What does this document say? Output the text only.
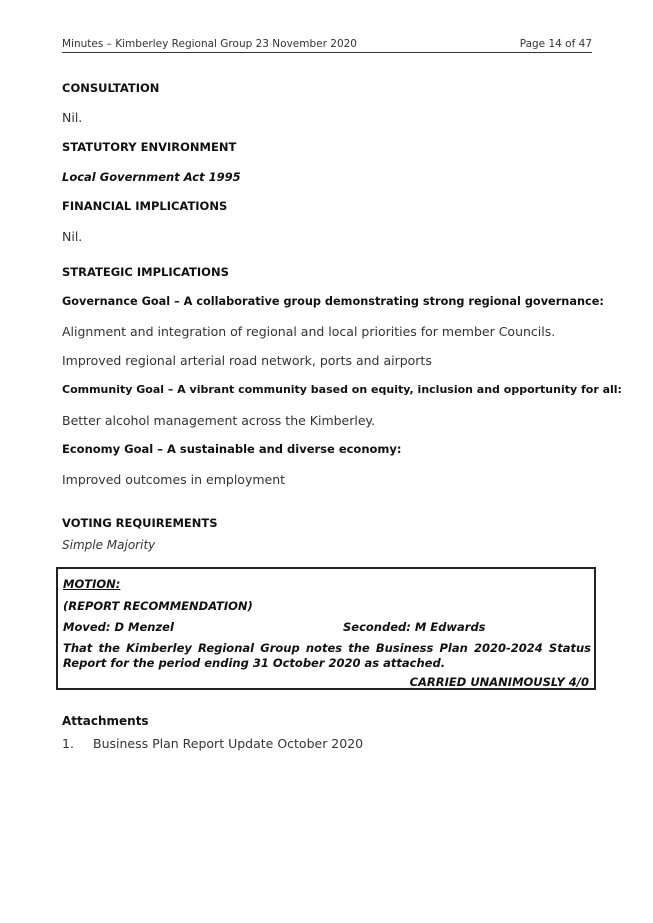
Minutes – Kimberley Regional Group 23 November 2020	Page 14 of 47
CONSULTATION
Nil.
STATUTORY ENVIRONMENT
Local Government Act 1995
FINANCIAL IMPLICATIONS
Nil.
STRATEGIC IMPLICATIONS
Governance Goal – A collaborative group demonstrating strong regional governance:
Alignment and integration of regional and local priorities for member Councils.
Improved regional arterial road network, ports and airports
Community Goal – A vibrant community based on equity, inclusion and opportunity for all:
Better alcohol management across the Kimberley.
Economy Goal – A sustainable and diverse economy:
Improved outcomes in employment
VOTING REQUIREMENTS
Simple Majority
MOTION:
(REPORT RECOMMENDATION)
Moved: D Menzel	Seconded: M Edwards
That the Kimberley Regional Group notes the Business Plan 2020-2024 Status Report for the period ending 31 October 2020 as attached.
CARRIED UNANIMOUSLY 4/0
Attachments
1. Business Plan Report Update October 2020
